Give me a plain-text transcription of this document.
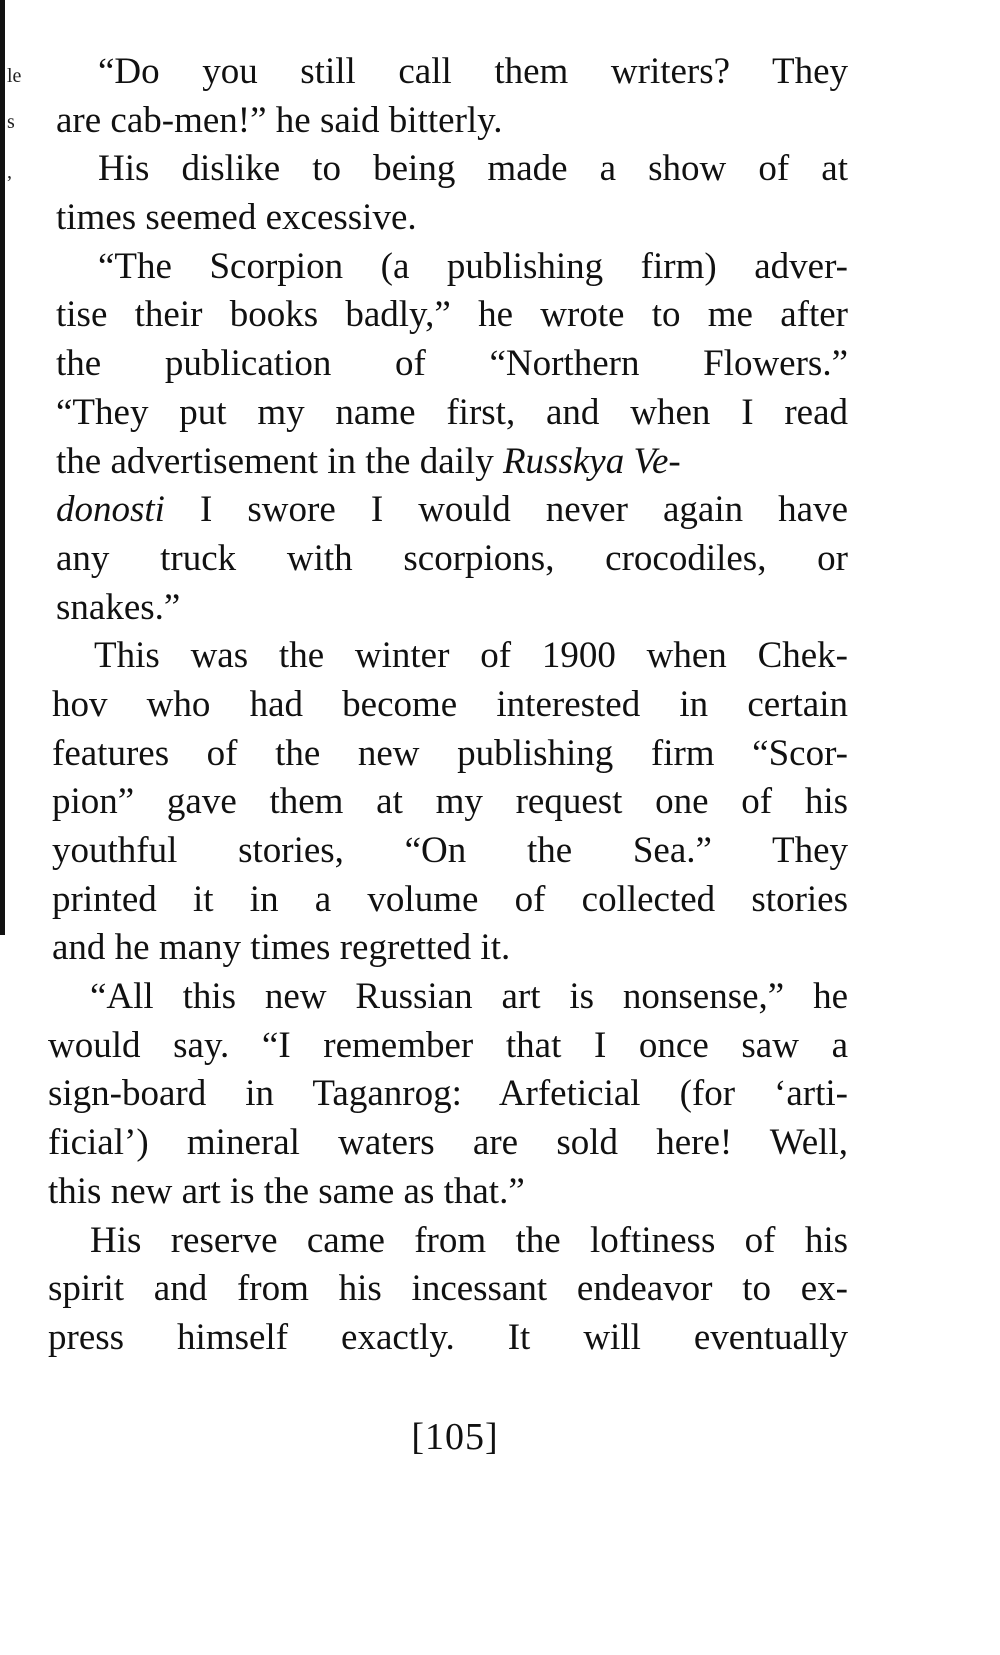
le
s
,
“Do you still call them writers? They
are cab-men!” he said bitterly.
His dislike to being made a show of at
times seemed excessive.
“The Scorpion (a publishing firm) adver-
tise their books badly,” he wrote to me after
the publication of “Northern Flowers.”
“They put my name first, and when I read
the advertisement in the daily Russkya Ve-
donosti I swore I would never again have
any truck with scorpions, crocodiles, or
snakes.”
This was the winter of 1900 when Chek-
hov who had become interested in certain
features of the new publishing firm “Scor-
pion” gave them at my request one of his
youthful stories, “On the Sea.” They
printed it in a volume of collected stories
and he many times regretted it.
“All this new Russian art is nonsense,” he
would say. “I remember that I once saw a
sign-board in Taganrog: Arfeticial (for ‘arti-
ficial’) mineral waters are sold here! Well,
this new art is the same as that.”
His reserve came from the loftiness of his
spirit and from his incessant endeavor to ex-
press himself exactly. It will eventually
[105]
